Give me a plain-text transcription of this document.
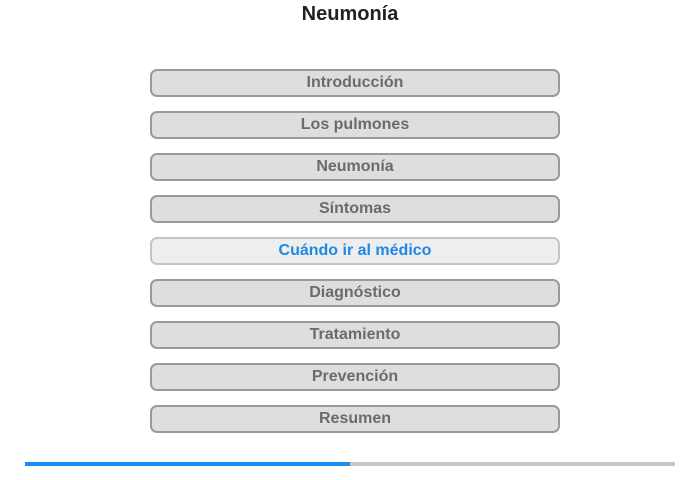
Neumonía
Introducción
Los pulmones
Neumonía
Síntomas
Cuándo ir al médico
Diagnóstico
Tratamiento
Prevención
Resumen
